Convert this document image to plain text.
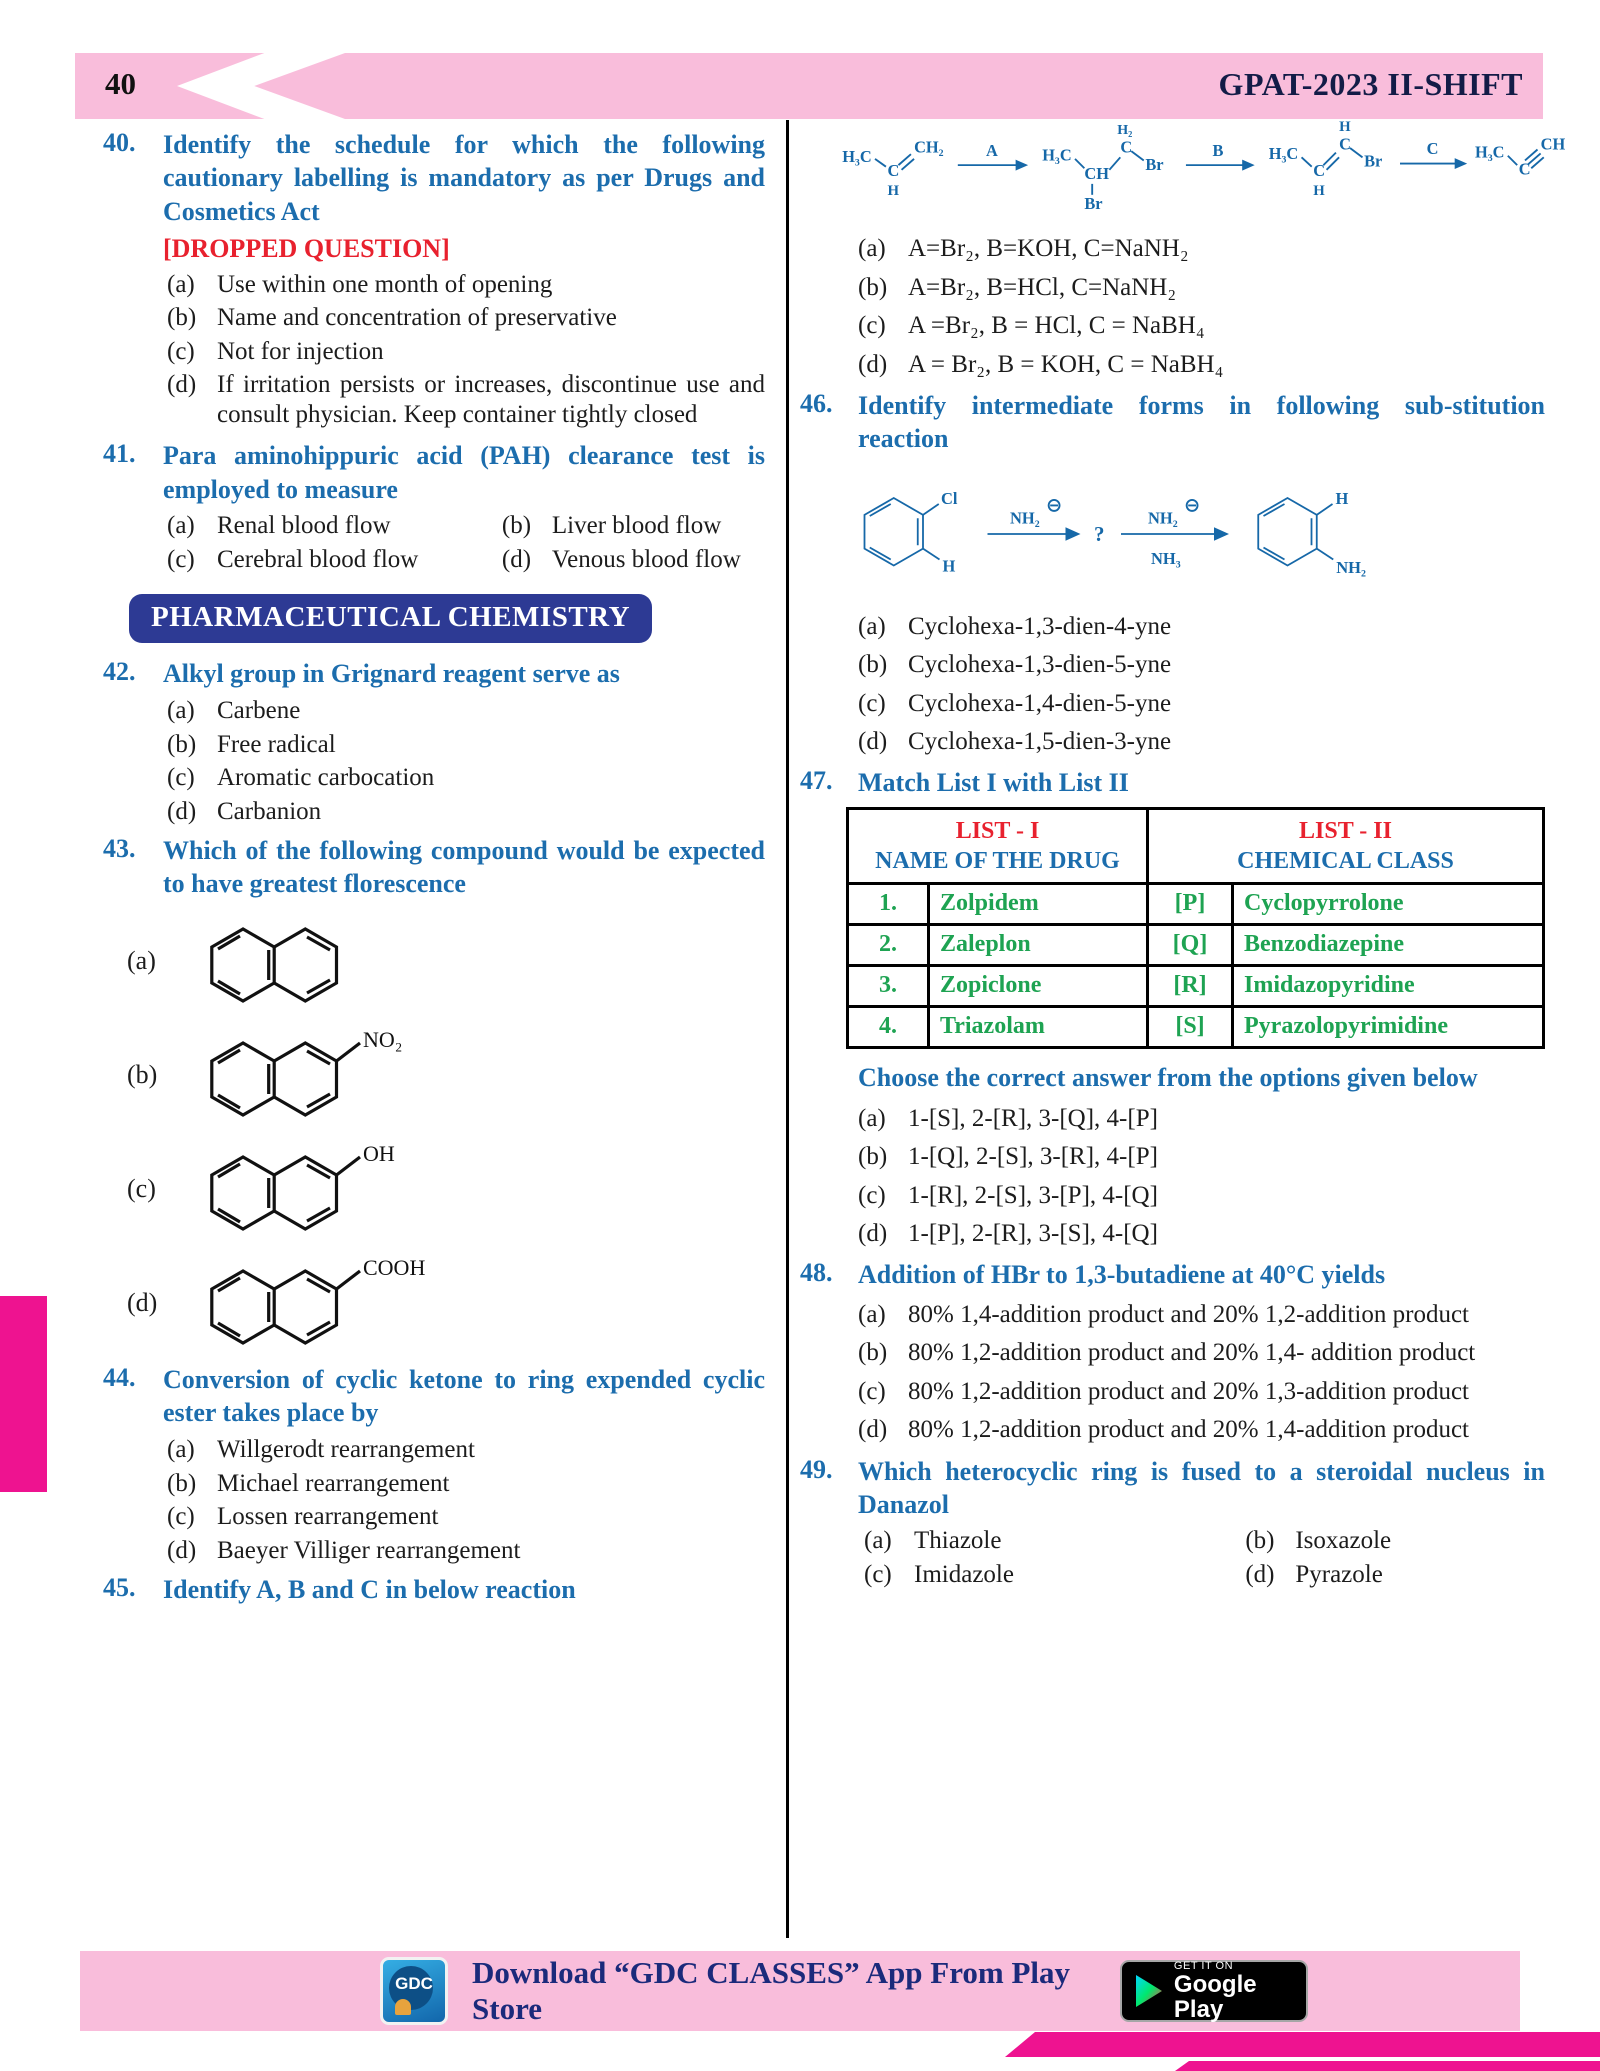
40	GPAT-2023 II-SHIFT
40.	Identify the schedule for which the following cautionary labelling is mandatory as per Drugs and Cosmetics Act
[DROPPED QUESTION]
(a) Use within one month of opening
(b) Name and concentration of preservative
(c) Not for injection
(d) If irritation persists or increases, discontinue use and consult physician. Keep container tightly closed
41.	Para aminohippuric acid (PAH) clearance test is employed to measure
(a) Renal blood flow	(b) Liver blood flow
(c) Cerebral blood flow	(d) Venous blood flow
PHARMACEUTICAL CHEMISTRY
42.	Alkyl group in Grignard reagent serve as
(a) Carbene
(b) Free radical
(c) Aromatic carbocation
(d) Carbanion
43.	Which of the following compound would be expected to have greatest florescence
(a)
(b)
NO₂
(c)
OH
(d)
COOH
44.	Conversion of cyclic ketone to ring expended cyclic ester takes place by
(a) Willgerodt rearrangement
(b) Michael rearrangement
(c) Lossen rearrangement
(d) Baeyer Villiger rearrangement
45.	Identify A, B and C in below reaction
H₃C
C
H
CH₂ A H₃C
CH
C
H₂
Br
Br
B H₃C
C
H
C
H
Br
C H₃C
C
CH
(a) A=Br₂, B=KOH, C=NaNH₂
(b) A=Br₂, B=HCl, C=NaNH₂
(c) A =Br₂, B = HCl, C = NaBH₄
(d) A = Br₂, B = KOH, C = NaBH₄
46. Identify intermediate forms in following sub-stitution reaction
Cl
H
NH₂
⊖
?
NH₂
⊖
NH₃
H
NH₂
(a) Cyclohexa-1,3-dien-4-yne
(b) Cyclohexa-1,3-dien-5-yne
(c) Cyclohexa-1,4-dien-5-yne
(d) Cyclohexa-1,5-dien-3-yne
47. Match List I with List II
LIST - I
NAME OF THE DRUG

LIST - II
CHEMICAL CLASS

1.	Zolpidem	[P]	Cyclopyrrolone
2.	Zaleplon	[Q]	Benzodiazepine
3.	Zopiclone	[R]	Imidazopyridine
4.	Triazolam	[S]	Pyrazolopyrimidine
Choose the correct answer from the options given below
(a) 1-[S], 2-[R], 3-[Q], 4-[P]
(b) 1-[Q], 2-[S], 3-[R], 4-[P]
(c) 1-[R], 2-[S], 3-[P], 4-[Q]
(d) 1-[P], 2-[R], 3-[S], 4-[Q]
48. Addition of HBr to 1,3-butadiene at 40°C yields
(a) 80% 1,4-addition product and 20% 1,2-addition product
(b) 80% 1,2-addition product and 20% 1,4- addition product
(c) 80% 1,2-addition product and 20% 1,3-addition product
(d) 80% 1,2-addition product and 20% 1,4-addition product
49. Which heterocyclic ring is fused to a steroidal nucleus in Danazol
(a) Thiazole	(b) Isoxazole
(c) Imidazole	(d) Pyrazole
GDC	Download “GDC CLASSES” App From Play Store
GET IT ON
Google Play
